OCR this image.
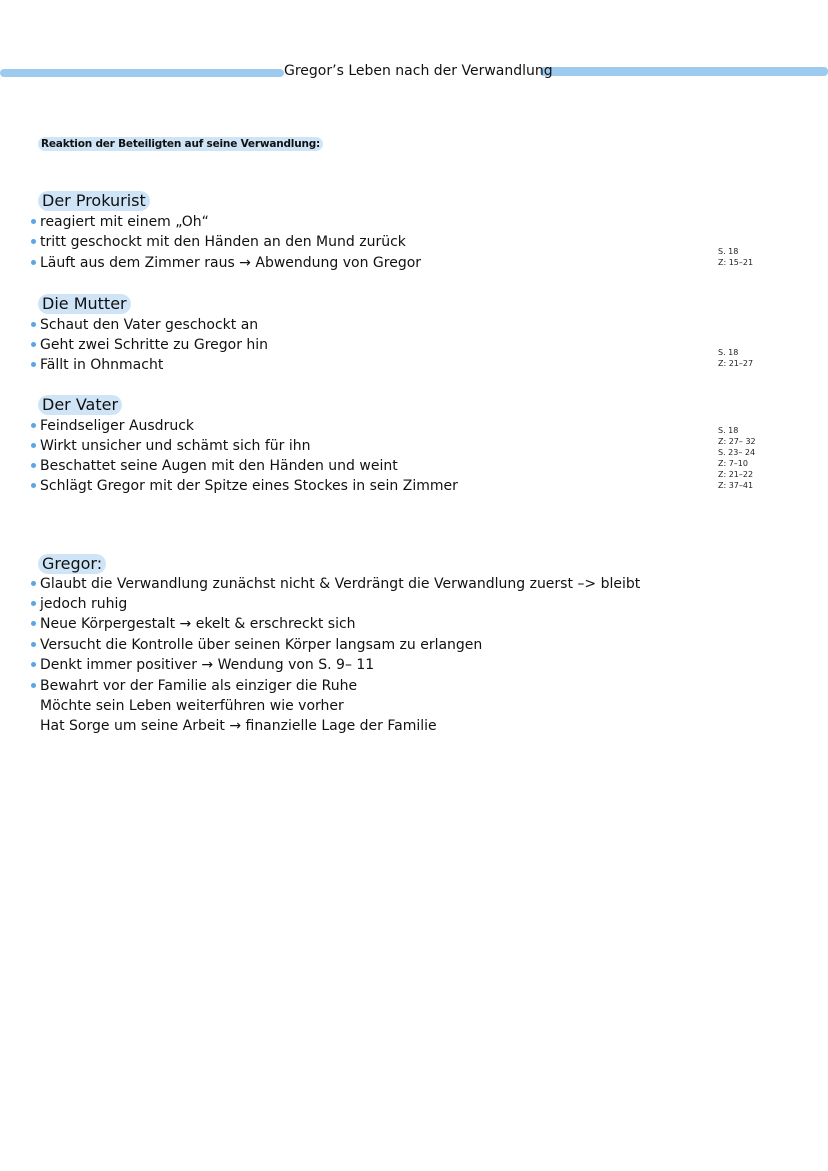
Gregor’s Leben nach der Verwandlung
Reaktion der Beteiligten auf seine Verwandlung:
Der Prokurist
reagiert mit einem „Oh“
tritt geschockt mit den Händen an den Mund zurück
Läuft aus dem Zimmer raus → Abwendung von Gregor
S. 18
Z: 15–21
Die Mutter
Schaut den Vater geschockt an
Geht zwei Schritte zu Gregor hin
Fällt in Ohnmacht
S. 18
Z: 21–27
Der Vater
Feindseliger Ausdruck
Wirkt unsicher und schämt sich für ihn
Beschattet seine Augen mit den Händen und weint
Schlägt Gregor mit der Spitze eines Stockes in sein Zimmer
S. 18
Z: 27– 32
S. 23– 24
Z: 7–10
Z: 21–22
Z: 37–41
Gregor:
Glaubt die Verwandlung zunächst nicht & Verdrängt die Verwandlung zuerst –> bleibt
jedoch ruhig
Neue Körpergestalt → ekelt & erschreckt sich
Versucht die Kontrolle über seinen Körper langsam zu erlangen
Denkt immer positiver → Wendung von S. 9– 11
Bewahrt vor der Familie als einziger die Ruhe
Möchte sein Leben weiterführen wie vorher
Hat Sorge um seine Arbeit → finanzielle Lage der Familie
